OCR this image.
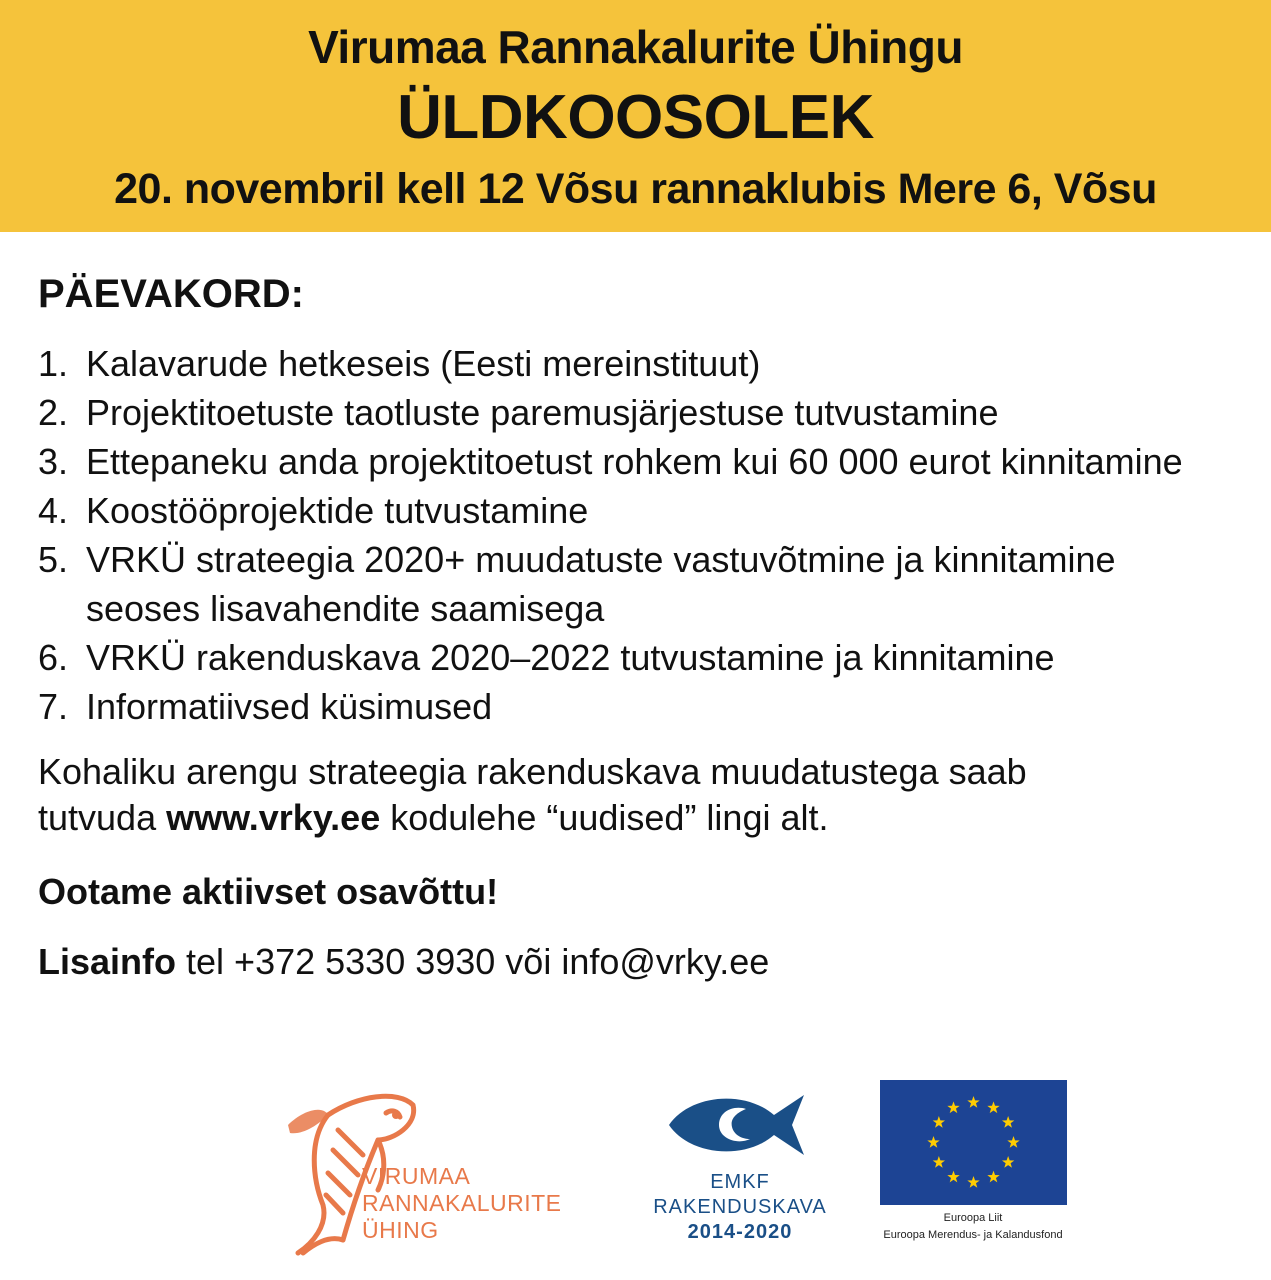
Virumaa Rannakalurite Ühingu
ÜLDKOOSOLEK
20. novembril kell 12 Võsu rannaklubis Mere 6, Võsu
PÄEVAKORD:
1. Kalavarude hetkeseis (Eesti mereinstituut)
2. Projektitoetuste taotluste paremusjärjestuse tutvustamine
3. Ettepaneku anda projektitoetust rohkem kui 60 000 eurot kinnitamine
4. Koostööprojektide tutvustamine
5. VRKÜ strateegia 2020+ muudatuste vastuvõtmine ja kinnitamine seoses lisavahendite saamisega
6. VRKÜ rakenduskava 2020–2022 tutvustamine ja kinnitamine
7. Informatiivsed küsimused
Kohaliku arengu strateegia rakenduskava muudatustega saab
tutvuda www.vrky.ee kodulehe “uudised” lingi alt.
Ootame aktiivset osavõttu!
Lisainfo tel +372 5330 3930 või info@vrky.ee
VIRUMAA
RANNAKALURITE
ÜHING
EMKF
RAKENDUSKAVA
2014-2020
Euroopa Liit
Euroopa Merendus- ja Kalandusfond
